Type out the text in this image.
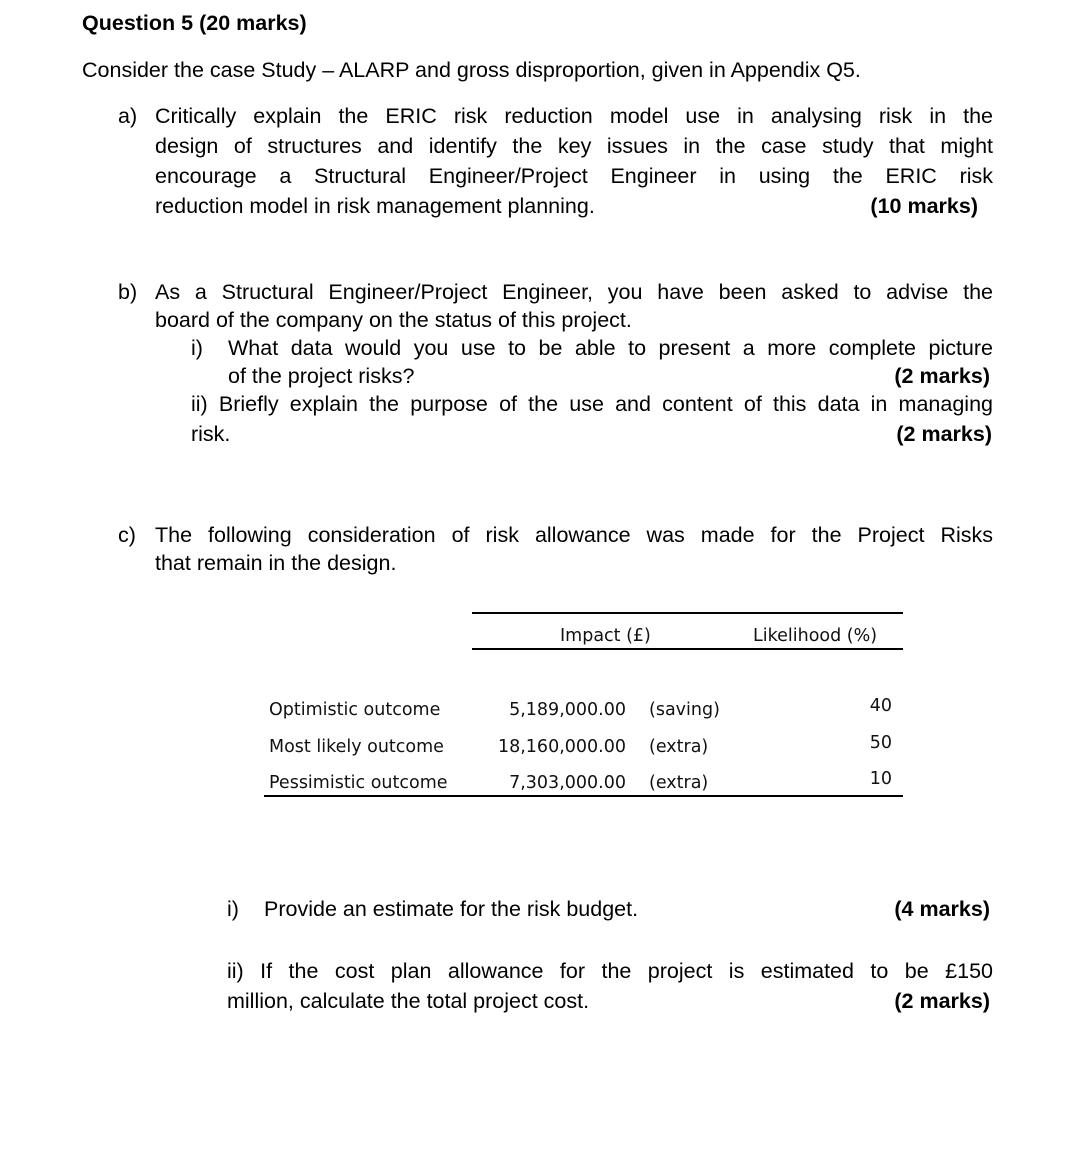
Question 5 (20 marks)
Consider the case Study – ALARP and gross disproportion, given in Appendix Q5.
a) Critically explain the ERIC risk reduction model use in analysing risk in the
design of structures and identify the key issues in the case study that might
encourage a Structural Engineer/Project Engineer in using the ERIC risk
reduction model in risk management planning.	(10 marks)
b) As a Structural Engineer/Project Engineer, you have been asked to advise the
board of the company on the status of this project.
i) What data would you use to be able to present a more complete picture
of the project risks?	(2 marks)
ii) Briefly explain the purpose of the use and content of this data in managing
risk.	(2 marks)
c) The following consideration of risk allowance was made for the Project Risks
that remain in the design.
Impact (£)	Likelihood (%)
Optimistic outcome	5,189,000.00 (saving)	40
Most likely outcome	18,160,000.00 (extra)	50
Pessimistic outcome	7,303,000.00 (extra)	10
i) Provide an estimate for the risk budget.	(4 marks)
ii) If the cost plan allowance for the project is estimated to be £150
million, calculate the total project cost.	(2 marks)
